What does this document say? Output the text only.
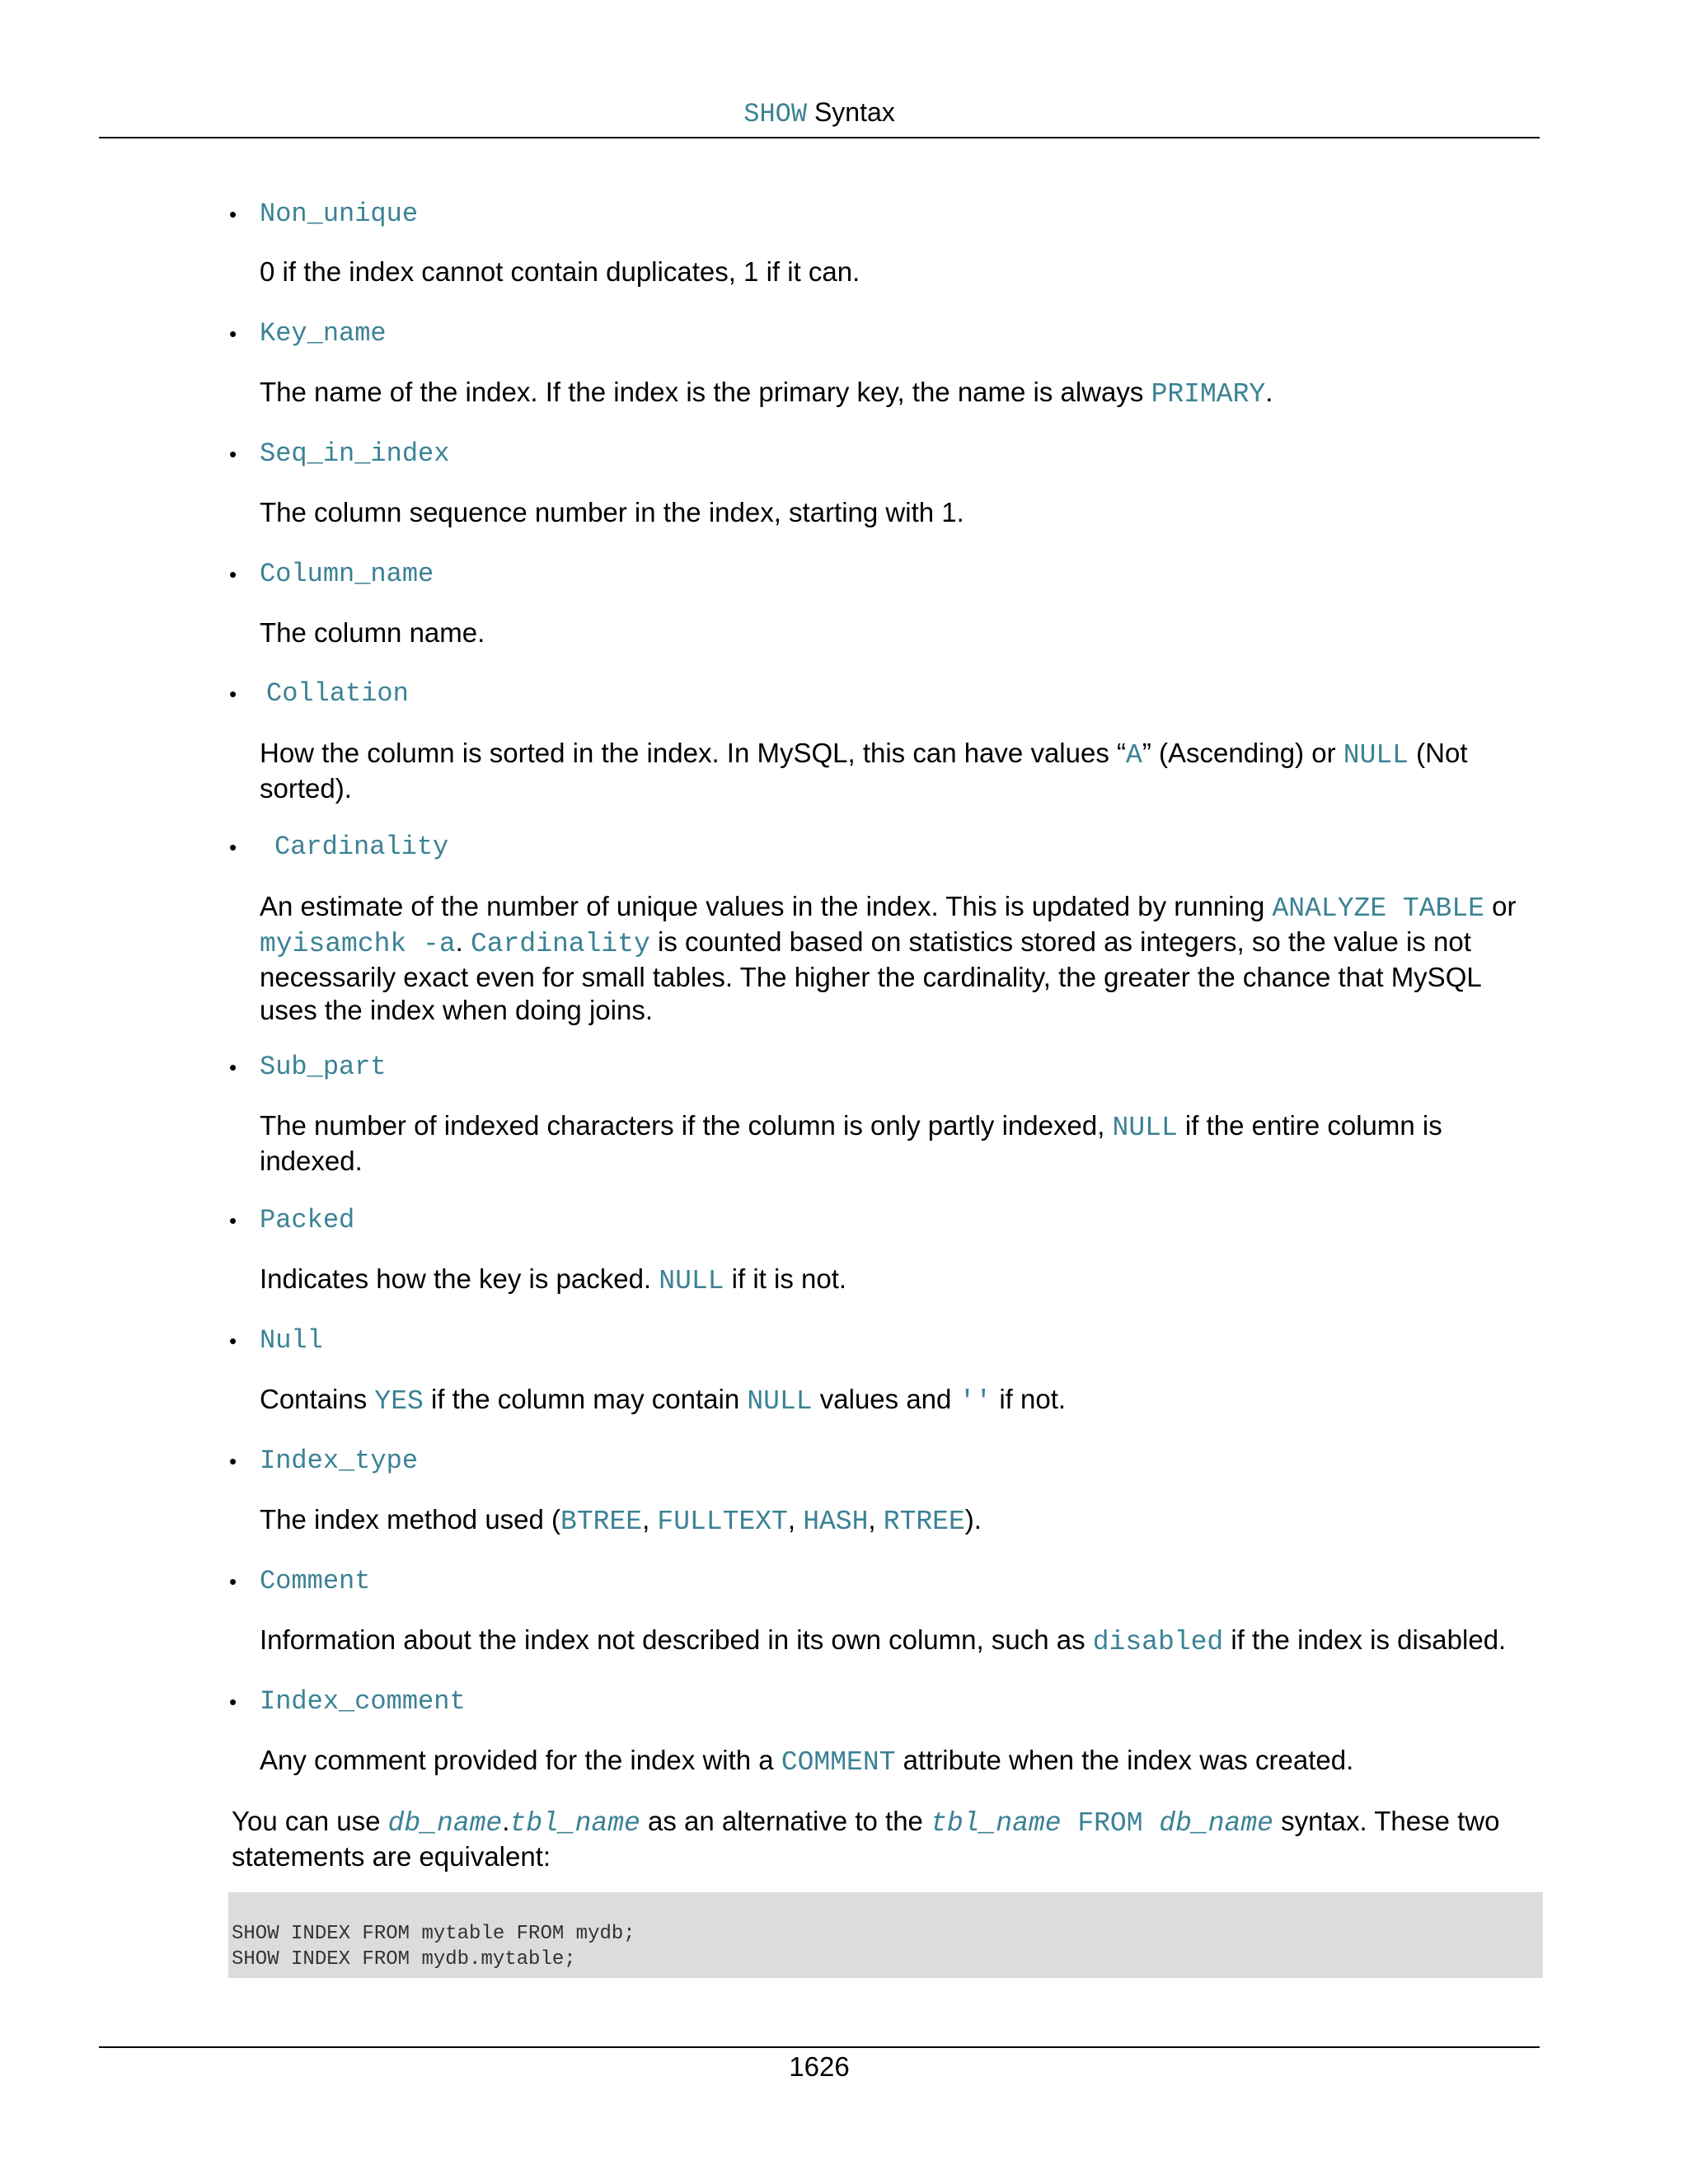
SHOW Syntax
• Non_unique
0 if the index cannot contain duplicates, 1 if it can.
• Key_name
The name of the index. If the index is the primary key, the name is always PRIMARY.
• Seq_in_index
The column sequence number in the index, starting with 1.
• Column_name
The column name.
• Collation
How the column is sorted in the index. In MySQL, this can have values “A” (Ascending) or NULL (Not sorted).
• Cardinality
An estimate of the number of unique values in the index. This is updated by running ANALYZE TABLE or myisamchk -a. Cardinality is counted based on statistics stored as integers, so the value is not necessarily exact even for small tables. The higher the cardinality, the greater the chance that MySQL uses the index when doing joins.
• Sub_part
The number of indexed characters if the column is only partly indexed, NULL if the entire column is indexed.
• Packed
Indicates how the key is packed. NULL if it is not.
• Null
Contains YES if the column may contain NULL values and '' if not.
• Index_type
The index method used (BTREE, FULLTEXT, HASH, RTREE).
• Comment
Information about the index not described in its own column, such as disabled if the index is disabled.
• Index_comment
Any comment provided for the index with a COMMENT attribute when the index was created.
You can use db_name.tbl_name as an alternative to the tbl_name FROM db_name syntax. These two statements are equivalent:
SHOW INDEX FROM mytable FROM mydb;
SHOW INDEX FROM mydb.mytable;
1626
